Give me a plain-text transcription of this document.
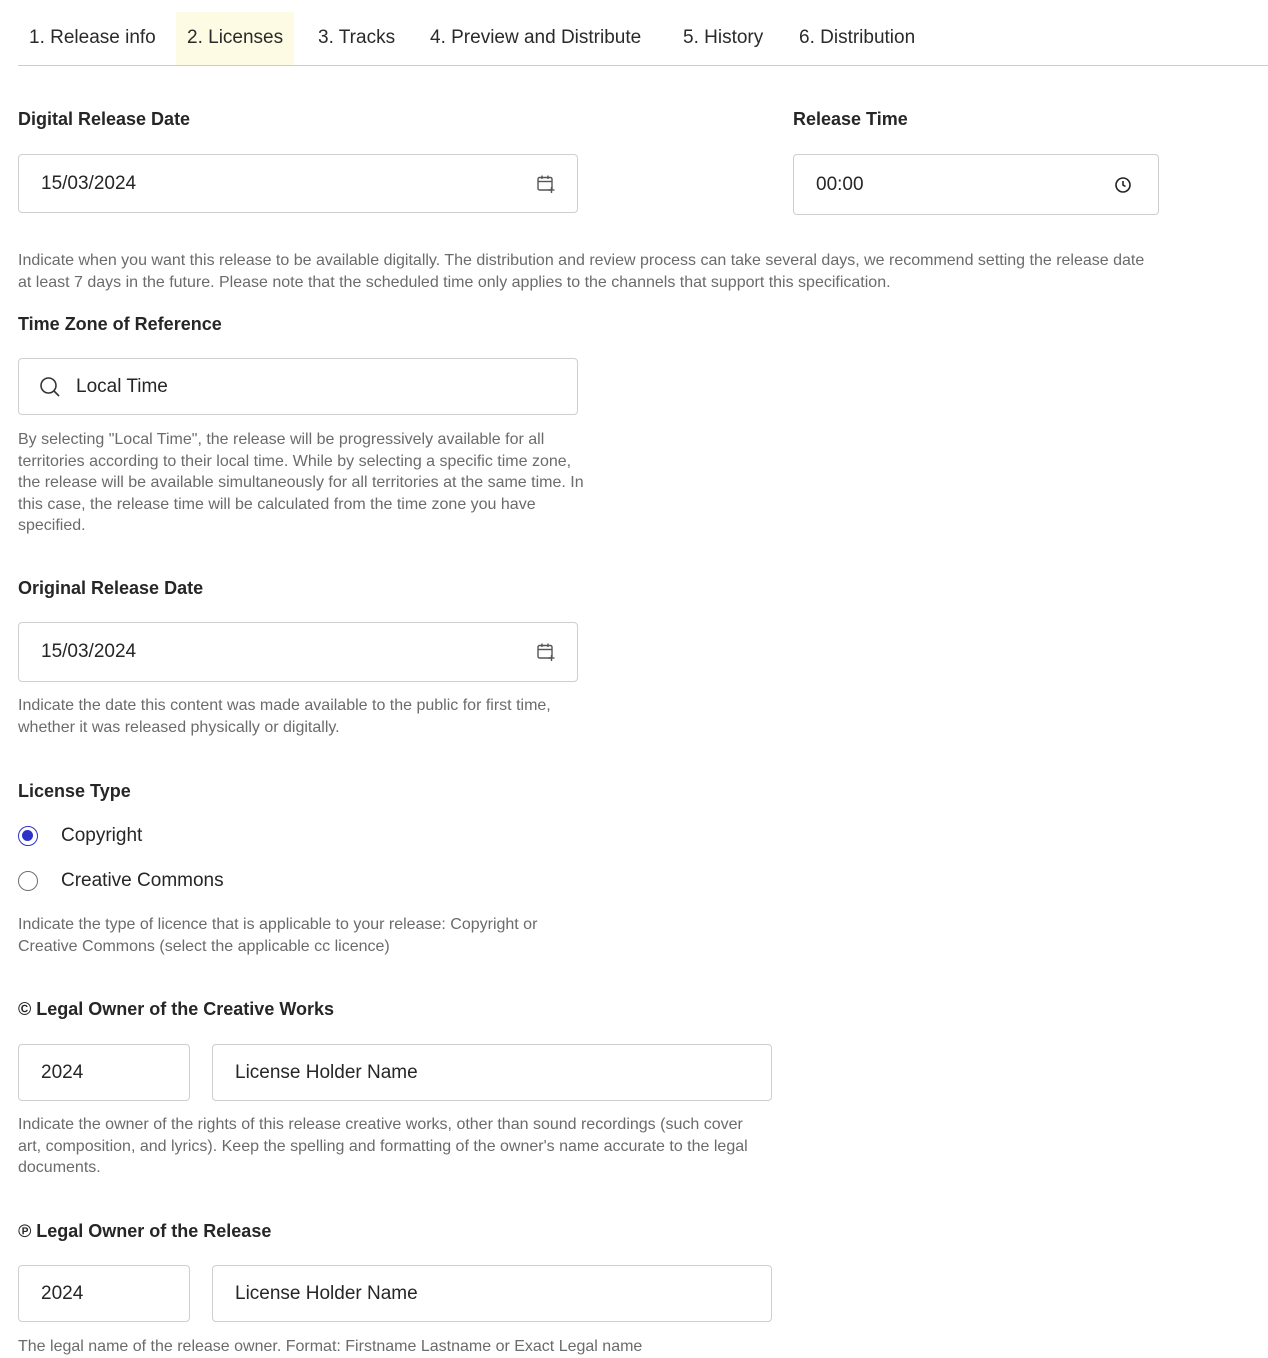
1. Release info	2. Licenses	3. Tracks	4. Preview and Distribute	5. History	6. Distribution
Digital Release Date
15/03/2024
Release Time
00:00
Indicate when you want this release to be available digitally. The distribution and review process can take several days, we recommend setting the release date at least 7 days in the future. Please note that the scheduled time only applies to the channels that support this specification.
Time Zone of Reference
Local Time
By selecting "Local Time", the release will be progressively available for all territories according to their local time. While by selecting a specific time zone, the release will be available simultaneously for all territories at the same time. In this case, the release time will be calculated from the time zone you have specified.
Original Release Date
15/03/2024
Indicate the date this content was made available to the public for first time, whether it was released physically or digitally.
License Type
Copyright
Creative Commons
Indicate the type of licence that is applicable to your release: Copyright or Creative Commons (select the applicable cc licence)
© Legal Owner of the Creative Works
2024	License Holder Name
Indicate the owner of the rights of this release creative works, other than sound recordings (such cover art, composition, and lyrics). Keep the spelling and formatting of the owner's name accurate to the legal documents.
℗ Legal Owner of the Release
2024	License Holder Name
The legal name of the release owner. Format: Firstname Lastname or Exact Legal name
